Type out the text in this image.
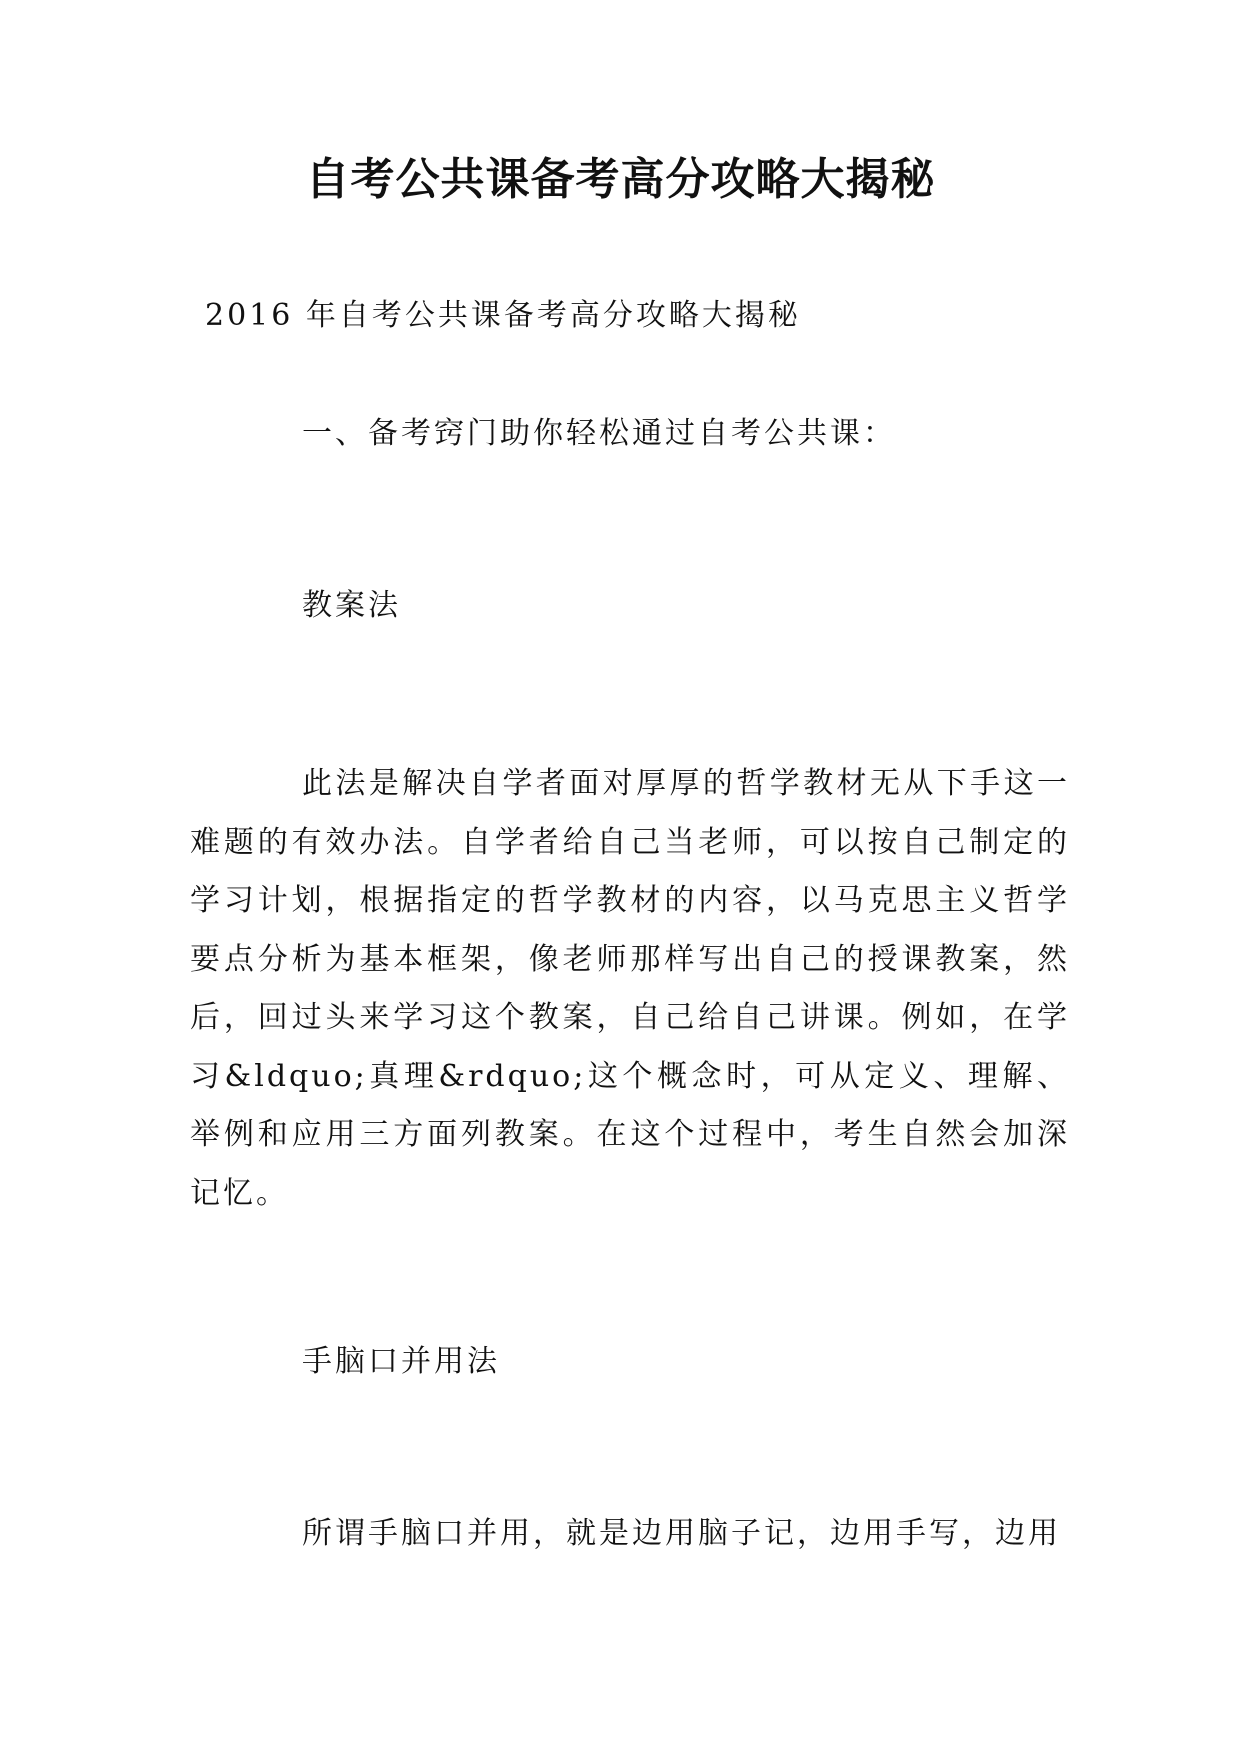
自考公共课备考高分攻略大揭秘
2016 年自考公共课备考高分攻略大揭秘
一、备考窍门助你轻松通过自考公共课：
教案法
此法是解决自学者面对厚厚的哲学教材无从下手这一难题的有效办法。自学者给自己当老师，可以按自己制定的学习计划，根据指定的哲学教材的内容，以马克思主义哲学要点分析为基本框架，像老师那样写出自己的授课教案，然后，回过头来学习这个教案，自己给自己讲课。例如，在学习&ldquo;真理&rdquo;这个概念时，可从定义、理解、举例和应用三方面列教案。在这个过程中，考生自然会加深记忆。
手脑口并用法
所谓手脑口并用，就是边用脑子记，边用手写，边用
